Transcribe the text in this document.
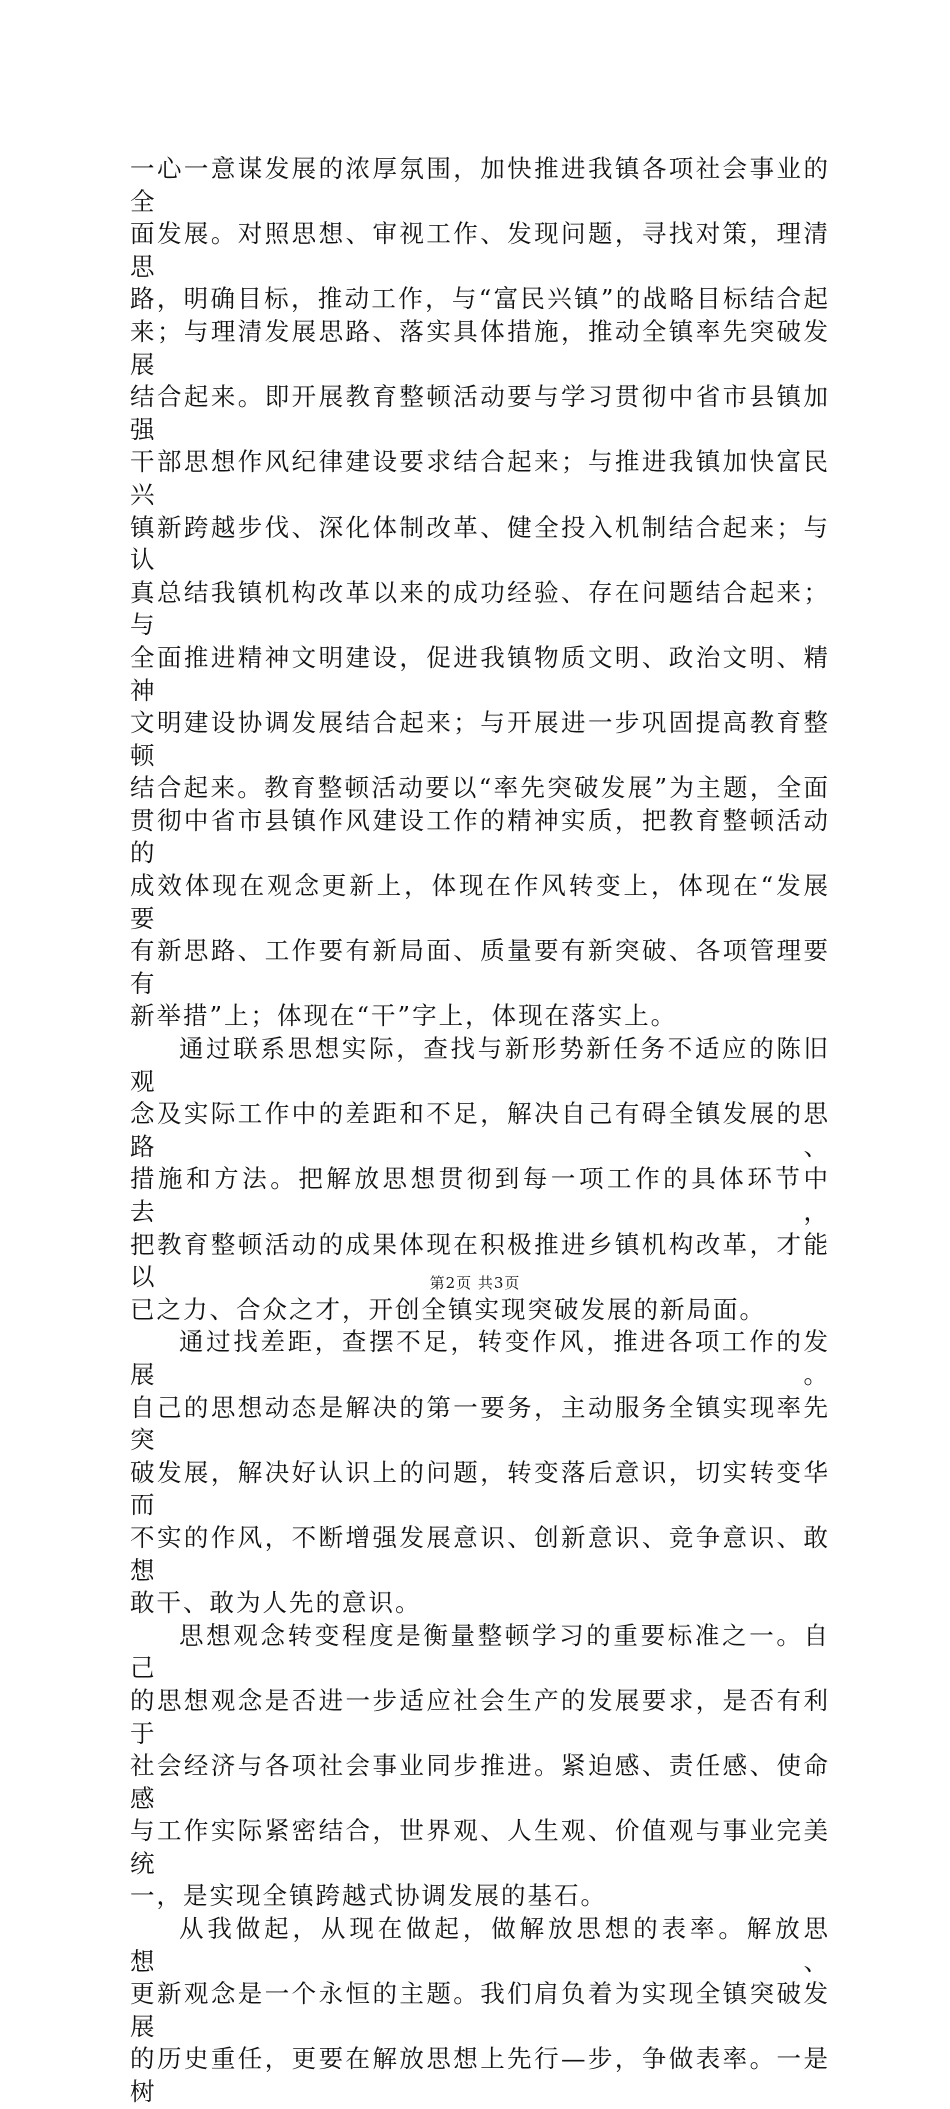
一心一意谋发展的浓厚氛围，加快推进我镇各项社会事业的全
面发展。对照思想、审视工作、发现问题，寻找对策，理清思
路，明确目标，推动工作，与“富民兴镇”的战略目标结合起
来；与理清发展思路、落实具体措施，推动全镇率先突破发展
结合起来。即开展教育整顿活动要与学习贯彻中省市县镇加强
干部思想作风纪律建设要求结合起来；与推进我镇加快富民兴
镇新跨越步伐、深化体制改革、健全投入机制结合起来；与认
真总结我镇机构改革以来的成功经验、存在问题结合起来；与
全面推进精神文明建设，促进我镇物质文明、政治文明、精神
文明建设协调发展结合起来；与开展进一步巩固提高教育整顿
结合起来。教育整顿活动要以“率先突破发展”为主题，全面
贯彻中省市县镇作风建设工作的精神实质，把教育整顿活动的
成效体现在观念更新上，体现在作风转变上，体现在“发展要
有新思路、工作要有新局面、质量要有新突破、各项管理要有
新举措”上；体现在“干”字上，体现在落实上。
通过联系思想实际，查找与新形势新任务不适应的陈旧观
念及实际工作中的差距和不足，解决自己有碍全镇发展的思路、
措施和方法。把解放思想贯彻到每一项工作的具体环节中去，
把教育整顿活动的成果体现在积极推进乡镇机构改革，才能以
已之力、合众之才，开创全镇实现突破发展的新局面。
通过找差距，查摆不足，转变作风，推进各项工作的发展。
自己的思想动态是解决的第一要务，主动服务全镇实现率先突
破发展，解决好认识上的问题，转变落后意识，切实转变华而
不实的作风，不断增强发展意识、创新意识、竞争意识、敢想
敢干、敢为人先的意识。
思想观念转变程度是衡量整顿学习的重要标准之一。自己
的思想观念是否进一步适应社会生产的发展要求，是否有利于
社会经济与各项社会事业同步推进。紧迫感、责任感、使命感
与工作实际紧密结合，世界观、人生观、价值观与事业完美统
一，是实现全镇跨越式协调发展的基石。
从我做起，从现在做起，做解放思想的表率。解放思想、
更新观念是一个永恒的主题。我们肩负着为实现全镇突破发展
的历史重任，更要在解放思想上先行—步，争做表率。一是树
第2页 共3页
